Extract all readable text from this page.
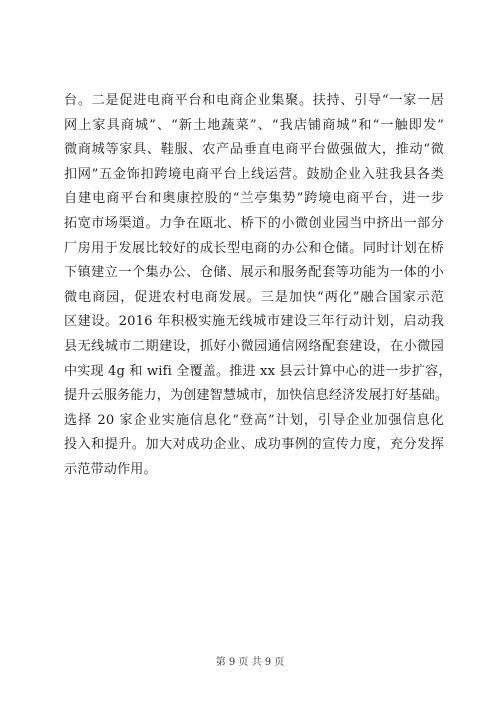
台。二是促进电商平台和电商企业集聚。扶持、引导“一家一居
网上家具商城”、“新土地蔬菜”、“我店铺商城”和“一触即发”
微商城等家具、鞋服、农产品垂直电商平台做强做大，推动“微
扣网”五金饰扣跨境电商平台上线运营。鼓励企业入驻我县各类
自建电商平台和奥康控股的“兰亭集势”跨境电商平台，进一步
拓宽市场渠道。力争在瓯北、桥下的小微创业园当中挤出一部分
厂房用于发展比较好的成长型电商的办公和仓储。同时计划在桥
下镇建立一个集办公、仓储、展示和服务配套等功能为一体的小
微电商园，促进农村电商发展。三是加快“两化”融合国家示范
区建设。2016 年积极实施无线城市建设三年行动计划，启动我
县无线城市二期建设，抓好小微园通信网络配套建设，在小微园
中实现 4g 和 wifi 全覆盖。推进 xx 县云计算中心的进一步扩容，
提升云服务能力，为创建智慧城市，加快信息经济发展打好基础。
选择 20 家企业实施信息化“登高”计划，引导企业加强信息化
投入和提升。加大对成功企业、成功事例的宣传力度，充分发挥
示范带动作用。
第 9 页 共 9 页
